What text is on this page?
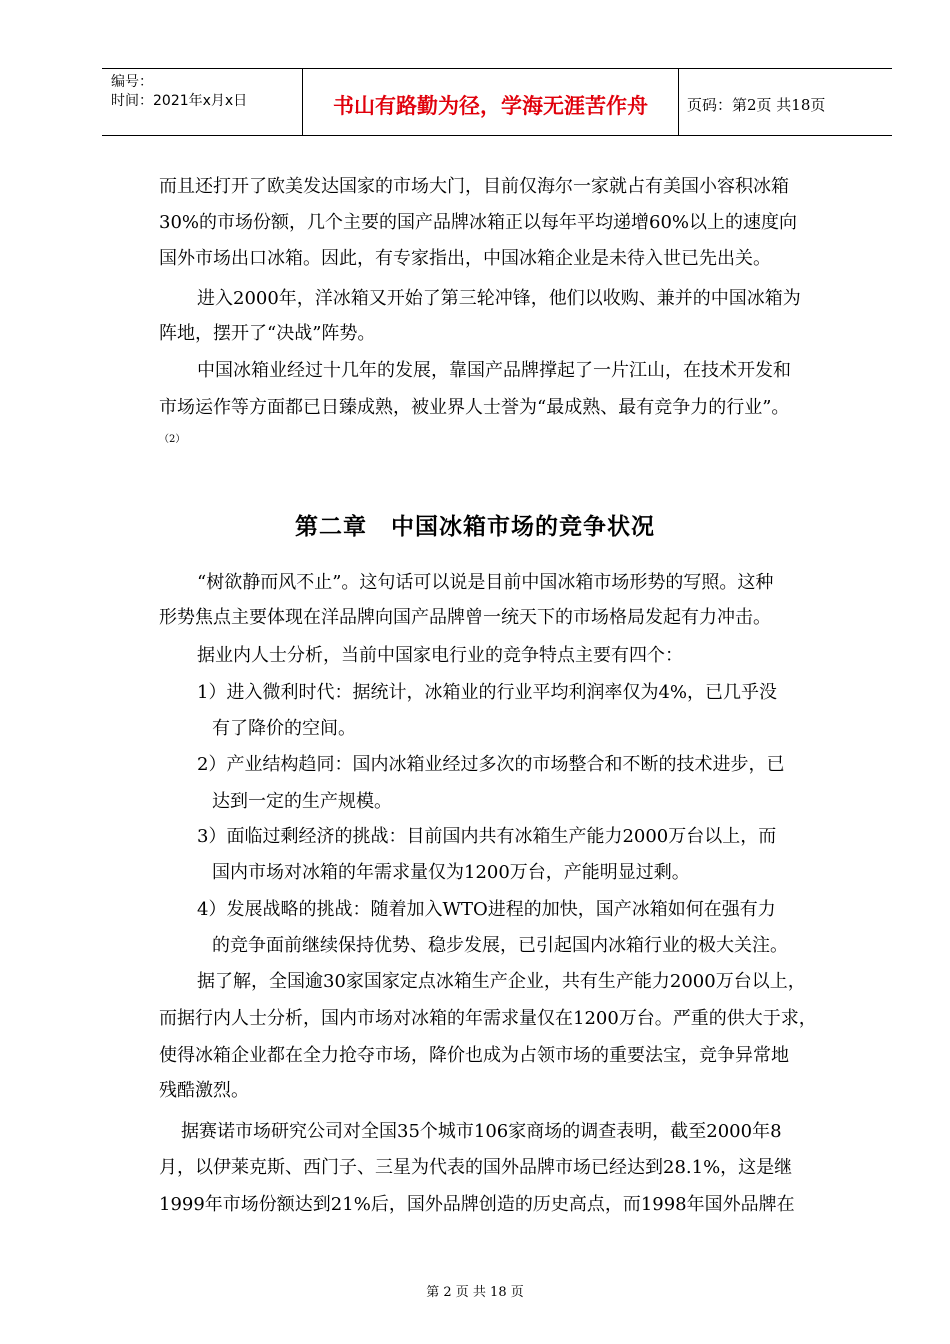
编号：
时间：2021年x月x日	书山有路勤为径，学海无涯苦作舟	页码：第2页 共18页
而且还打开了欧美发达国家的市场大门，目前仅海尔一家就占有美国小容积冰箱
30%的市场份额，几个主要的国产品牌冰箱正以每年平均递增60%以上的速度向
国外市场出口冰箱。因此，有专家指出，中国冰箱企业是未待入世已先出关。
进入2000年，洋冰箱又开始了第三轮冲锋，他们以收购、兼并的中国冰箱为
阵地，摆开了“决战”阵势。
中国冰箱业经过十几年的发展，靠国产品牌撑起了一片江山，在技术开发和
市场运作等方面都已日臻成熟，被业界人士誉为“最成熟、最有竞争力的行业”。
（2）
第二章　中国冰箱市场的竞争状况
“树欲静而风不止”。这句话可以说是目前中国冰箱市场形势的写照。这种
形势焦点主要体现在洋品牌向国产品牌曾一统天下的市场格局发起有力冲击。
据业内人士分析，当前中国家电行业的竞争特点主要有四个：
1）进入微利时代：据统计，冰箱业的行业平均利润率仅为4%，已几乎没
有了降价的空间。
2）产业结构趋同：国内冰箱业经过多次的市场整合和不断的技术进步，已
达到一定的生产规模。
3）面临过剩经济的挑战：目前国内共有冰箱生产能力2000万台以上，而
国内市场对冰箱的年需求量仅为1200万台，产能明显过剩。
4）发展战略的挑战：随着加入WTO进程的加快，国产冰箱如何在强有力
的竞争面前继续保持优势、稳步发展，已引起国内冰箱行业的极大关注。
据了解，全国逾30家国家定点冰箱生产企业，共有生产能力2000万台以上，
而据行内人士分析，国内市场对冰箱的年需求量仅在1200万台。严重的供大于求，
使得冰箱企业都在全力抢夺市场，降价也成为占领市场的重要法宝，竞争异常地
残酷激烈。
据赛诺市场研究公司对全国35个城市106家商场的调查表明，截至2000年8
月，以伊莱克斯、西门子、三星为代表的国外品牌市场已经达到28.1%，这是继
1999年市场份额达到21%后，国外品牌创造的历史高点，而1998年国外品牌在
第 2 页 共 18 页
